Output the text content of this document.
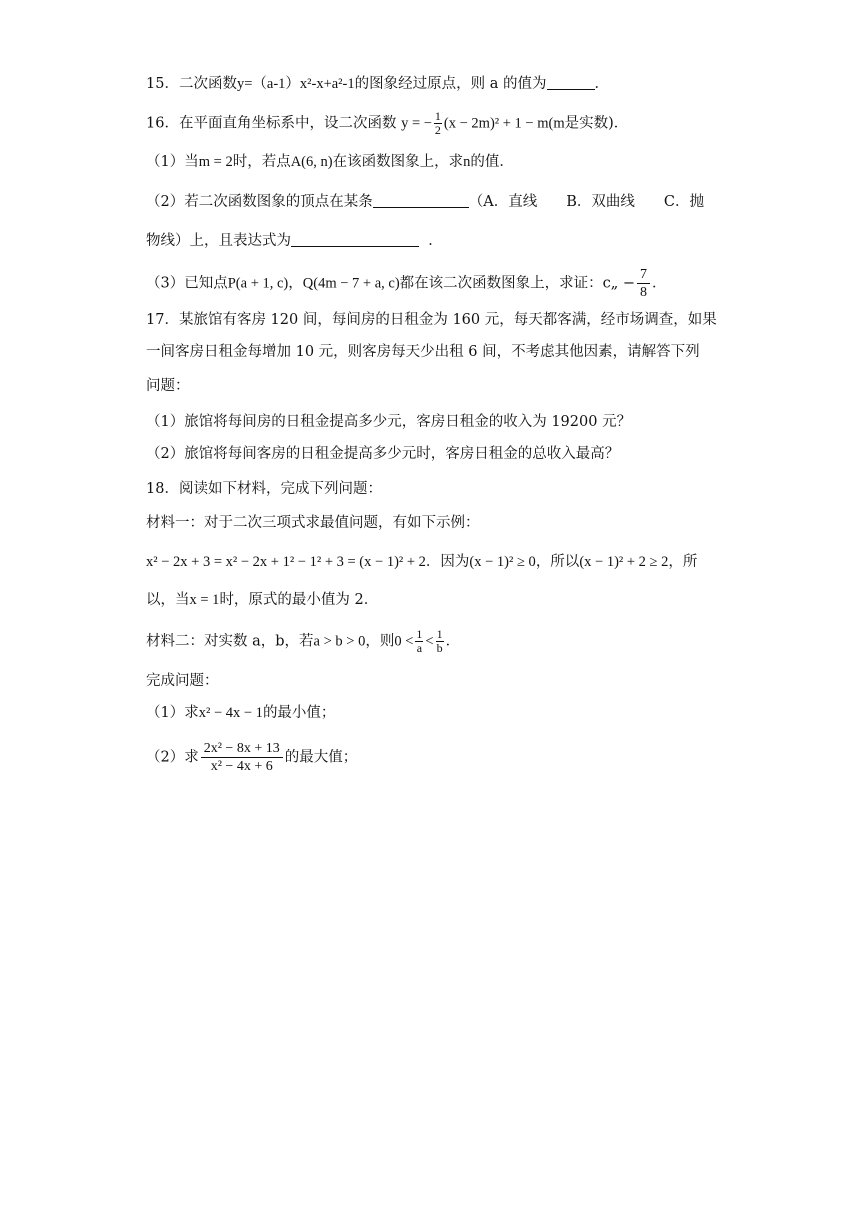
15．二次函数y=（a-1）x²-x+a²-1的图象经过原点，则 a 的值为	．
16．在平面直角坐标系中，设二次函数 y = − $\frac{1}{2} (x - 2m)^2 + 1 - m(m$是实数)．
（1）当m = 2时，若点A(6, n)在该函数图象上，求n的值．
（2）若二次函数图象的顶点在某条	（A．直线　　B．双曲线　　C．抛
物线）上，且表达式为	．
（3）已知点P(a + 1, c)，Q(4m − 7 + a, c)都在该二次函数图象上，求证：c„ − $\frac{7}{8}$ ．
17．某旅馆有客房 120 间，每间房的日租金为 160 元，每天都客满，经市场调查，如果
一间客房日租金每增加 10 元，则客房每天少出租 6 间，不考虑其他因素，请解答下列
问题：
（1）旅馆将每间房的日租金提高多少元，客房日租金的收入为 19200 元？
（2）旅馆将每间客房的日租金提高多少元时，客房日租金的总收入最高？
18．阅读如下材料，完成下列问题：
材料一：对于二次三项式求最值问题，有如下示例：
x² − 2x + 3 = x² − 2x + 1² − 1² + 3 = (x − 1)² + 2．因为(x − 1)² ≥ 0，所以(x − 1)² + 2 ≥ 2，所
以，当x = 1时，原式的最小值为 2．
材料二：对实数 a，b，若a > b > 0，则$0 < \frac{1}{a} < \frac{1}{b}$ ．
完成问题：
（1）求x² − 4x − 1的最小值；
（2）求 $\frac{\text{2x² − 8x + 13}}{\text{x² − 4x + 6}}$ 的最大值；
